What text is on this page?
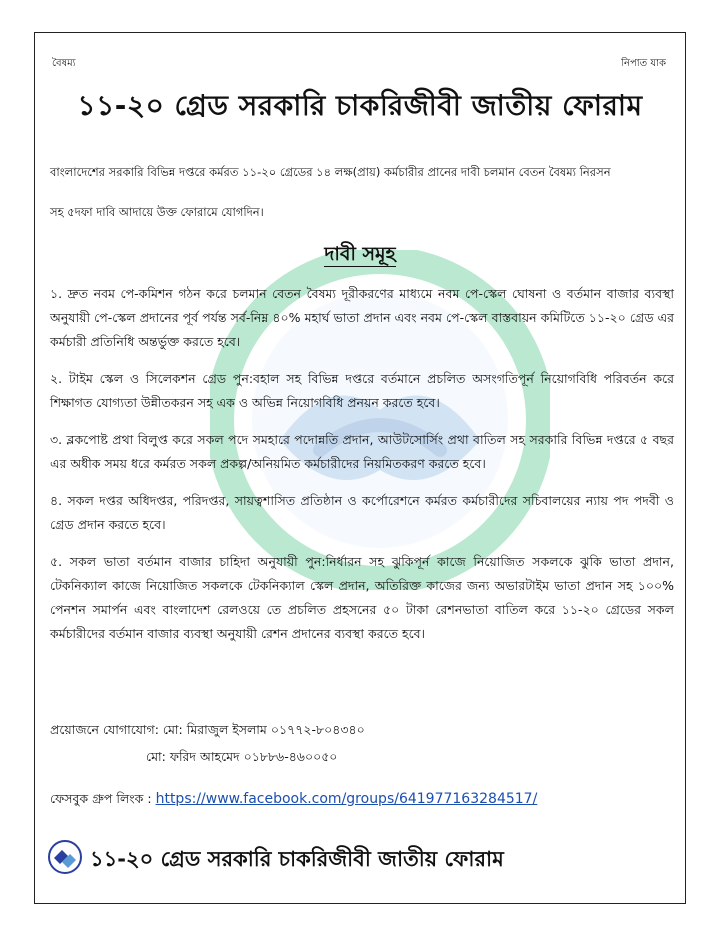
বৈষম্য	নিপাত যাক
১১-২০ গ্রেড সরকারি চাকরিজীবী জাতীয় ফোরাম

বাংলাদেশের সরকারি বিভিন্ন দপ্তরে কর্মরত ১১-২০ গ্রেডের ১৪ লক্ষ(প্রায়) কর্মচারীর প্রানের দাবী চলমান বেতন বৈষম্য নিরসন

সহ ৫দফা দাবি আদায়ে উক্ত ফোরামে যোগদিন।

দাবী সমূহ

১. দ্রুত নবম পে-কমিশন গঠন করে চলমান বেতন বৈষম্য দূরীকরণের মাধ্যমে নবম পে-স্কেল ঘোষনা ও বর্তমান বাজার ব্যবস্থা অনুযায়ী পে-স্কেল প্রদানের পূর্ব পর্যন্ত সর্ব-নিম্ন ৪০% মহার্ঘ ভাতা প্রদান এবং নবম পে-স্কেল বাস্তবায়ন কমিটিতে ১১-২০ গ্রেড এর কর্মচারী প্রতিনিধি অন্তর্ভুক্ত করতে হবে।

২. টাইম স্কেল ও সিলেকশন গ্রেড পুন:বহাল সহ বিভিন্ন দপ্তরে বর্তমানে প্রচলিত অসংগতিপূর্ন নিয়োগবিধি পরিবর্তন করে শিক্ষাগত যোগ্যতা উন্নীতকরন সহ এক ও অভিন্ন নিয়োগবিধি প্রনয়ন করতে হবে।

৩. ব্লকপোষ্ট প্রথা বিলুপ্ত করে সকল পদে সমহারে পদোন্নতি প্রদান, আউটসোর্সিং প্রথা বাতিল সহ সরকারি বিভিন্ন দপ্তরে ৫ বছর এর অধীক সময় ধরে কর্মরত সকল প্রকল্প/অনিয়মিত কর্মচারীদের নিয়মিতকরণ করতে হবে।

৪. সকল দপ্তর অধিদপ্তর, পরিদপ্তর, সায়ত্বশাসিত প্রতিষ্ঠান ও কর্পোরেশনে কর্মরত কর্মচারীদের সচিবালয়ের ন্যায় পদ পদবী ও গ্রেড প্রদান করতে হবে।

৫. সকল ভাতা বর্তমান বাজার চাহিদা অনুযায়ী পুন:নির্ধারন সহ ঝুকিপূর্ন কাজে নিয়োজিত সকলকে ঝুকি ভাতা প্রদান, টেকনিক্যাল কাজে নিয়োজিত সকলকে টেকনিক্যাল স্কেল প্রদান, অতিরিক্ত কাজের জন্য অভারটাইম ভাতা প্রদান সহ ১০০% পেনশন সমার্পন এবং বাংলাদেশ রেলওয়ে তে প্রচলিত প্রহসনের ৫০ টাকা রেশনভাতা বাতিল করে ১১-২০ গ্রেডের সকল কর্মচারীদের বর্তমান বাজার ব্যবস্থা অনুযায়ী রেশন প্রদানের ব্যবস্থা করতে হবে।

প্রয়োজনে যোগাযোগ: মো: মিরাজুল ইসলাম ০১৭৭২-৮০৪৩৪০
মো: ফরিদ আহমেদ ০১৮৮৬-৪৬০০৫০
ফেসবুক গ্রুপ লিংক : https://www.facebook.com/groups/641977163284517/
১১-২০ গ্রেড সরকারি চাকরিজীবী জাতীয় ফোরাম
